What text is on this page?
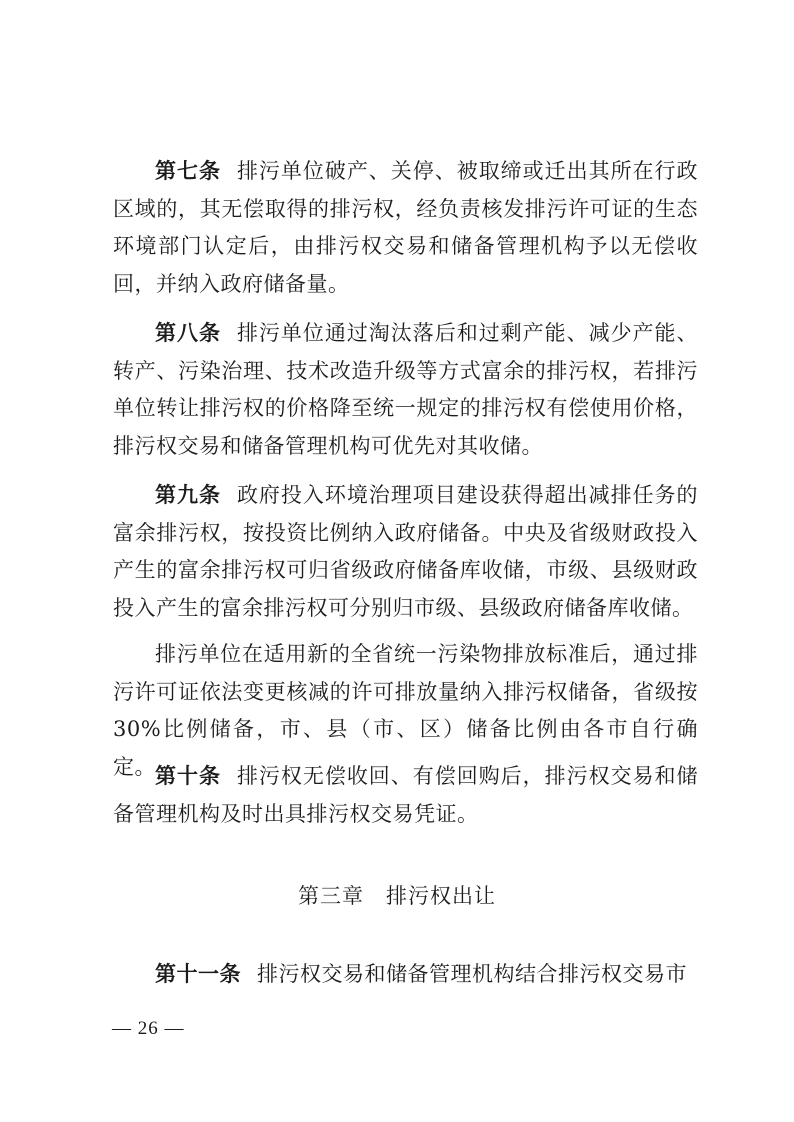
第七条 排污单位破产、关停、被取缔或迁出其所在行政区域的，其无偿取得的排污权，经负责核发排污许可证的生态环境部门认定后，由排污权交易和储备管理机构予以无偿收回，并纳入政府储备量。

第八条 排污单位通过淘汰落后和过剩产能、减少产能、转产、污染治理、技术改造升级等方式富余的排污权，若排污单位转让排污权的价格降至统一规定的排污权有偿使用价格，排污权交易和储备管理机构可优先对其收储。

第九条 政府投入环境治理项目建设获得超出减排任务的富余排污权，按投资比例纳入政府储备。中央及省级财政投入产生的富余排污权可归省级政府储备库收储，市级、县级财政投入产生的富余排污权可分别归市级、县级政府储备库收储。

排污单位在适用新的全省统一污染物排放标准后，通过排污许可证依法变更核减的许可排放量纳入排污权储备，省级按30%比例储备，市、县（市、区）储备比例由各市自行确定。 第十条 排污权无偿收回、有偿回购后，排污权交易和储备管理机构及时出具排污权交易凭证。

第三章 排污权出让

第十一条 排污权交易和储备管理机构结合排污权交易市

— 26 —
